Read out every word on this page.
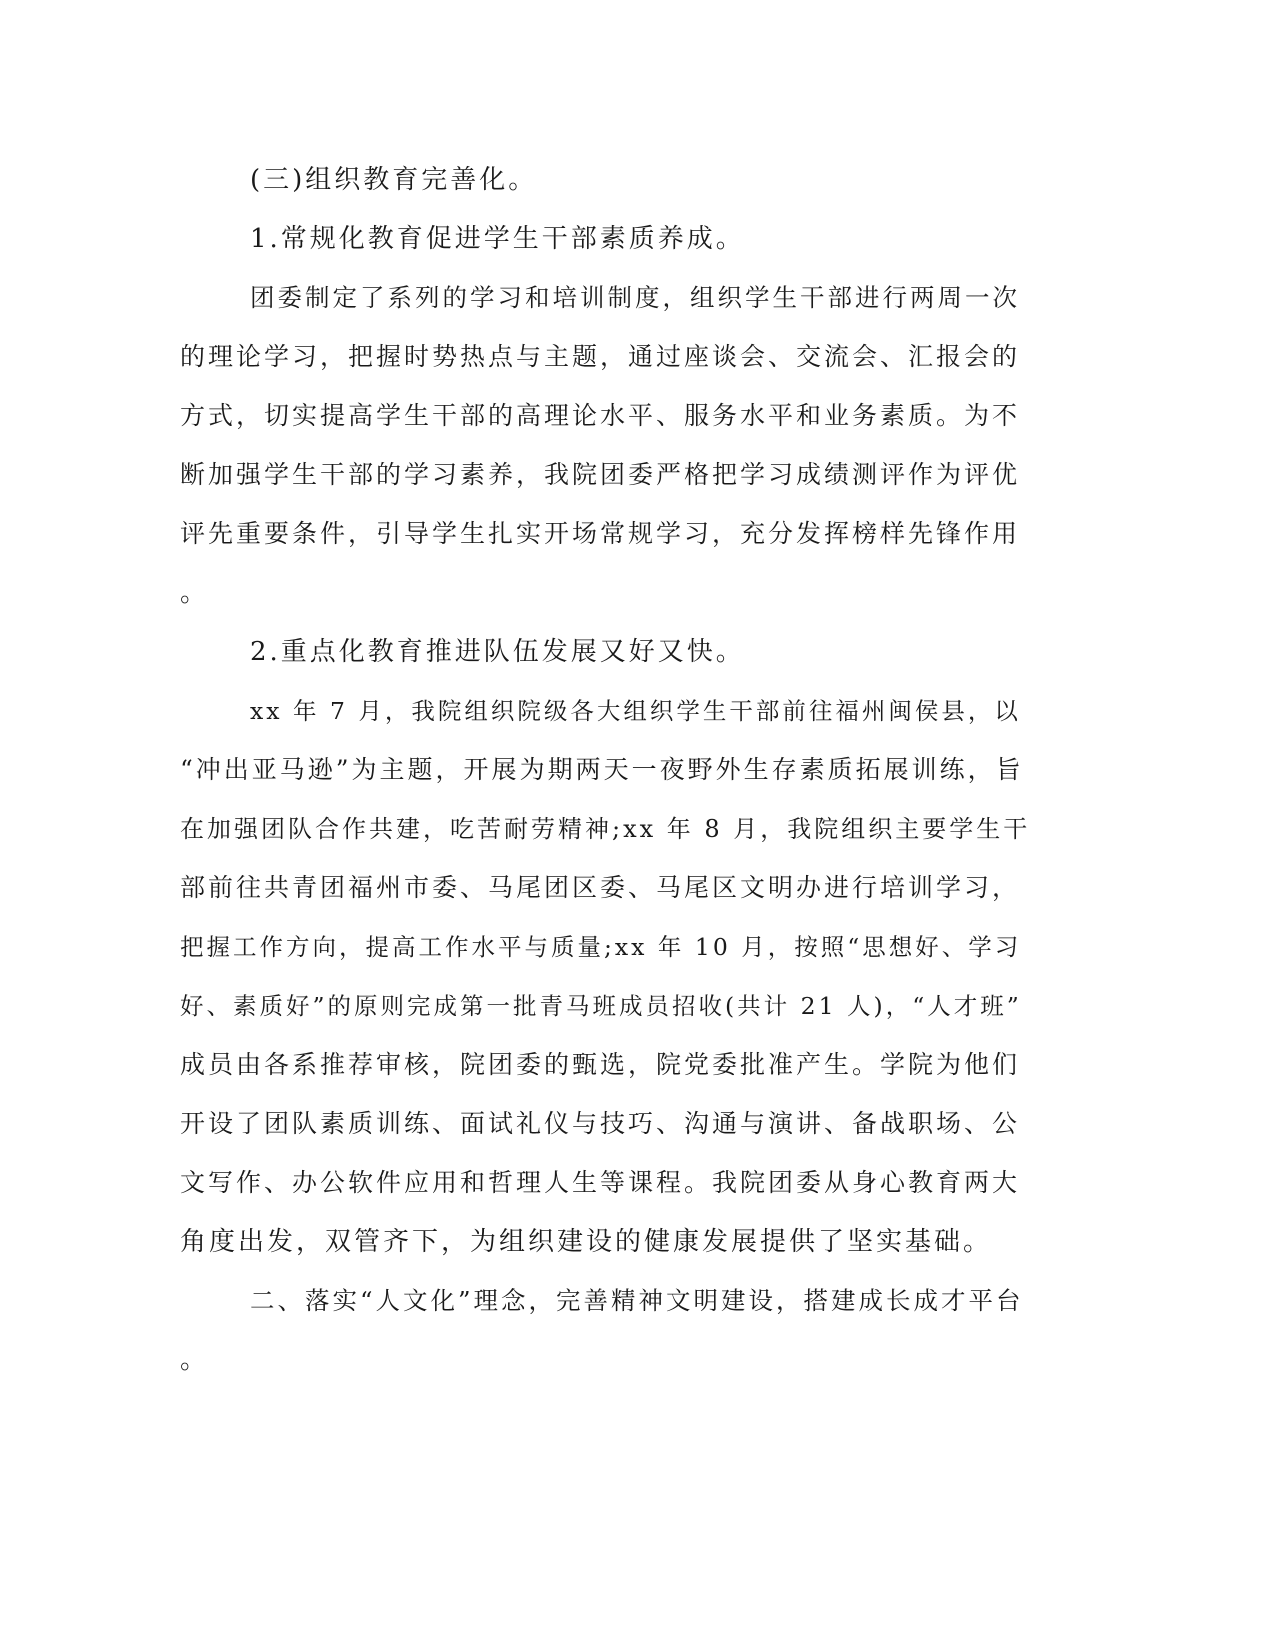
(三)组织教育完善化。

1.常规化教育促进学生干部素质养成。

团委制定了系列的学习和培训制度，组织学生干部进行两周一次

的理论学习，把握时势热点与主题，通过座谈会、交流会、汇报会的

方式，切实提高学生干部的高理论水平、服务水平和业务素质。为不

断加强学生干部的学习素养，我院团委严格把学习成绩测评作为评优

评先重要条件，引导学生扎实开场常规学习，充分发挥榜样先锋作用

。

2.重点化教育推进队伍发展又好又快。

xx 年 7 月，我院组织院级各大组织学生干部前往福州闽侯县，以

“冲出亚马逊”为主题，开展为期两天一夜野外生存素质拓展训练，旨

在加强团队合作共建，吃苦耐劳精神;xx 年 8 月，我院组织主要学生干

部前往共青团福州市委、马尾团区委、马尾区文明办进行培训学习，

把握工作方向，提高工作水平与质量;xx 年 10 月，按照“思想好、学习

好、素质好”的原则完成第一批青马班成员招收(共计 21 人)，“人才班”

成员由各系推荐审核，院团委的甄选，院党委批准产生。学院为他们

开设了团队素质训练、面试礼仪与技巧、沟通与演讲、备战职场、公

文写作、办公软件应用和哲理人生等课程。我院团委从身心教育两大

角度出发，双管齐下，为组织建设的健康发展提供了坚实基础。

二、落实“人文化”理念，完善精神文明建设，搭建成长成才平台

。
